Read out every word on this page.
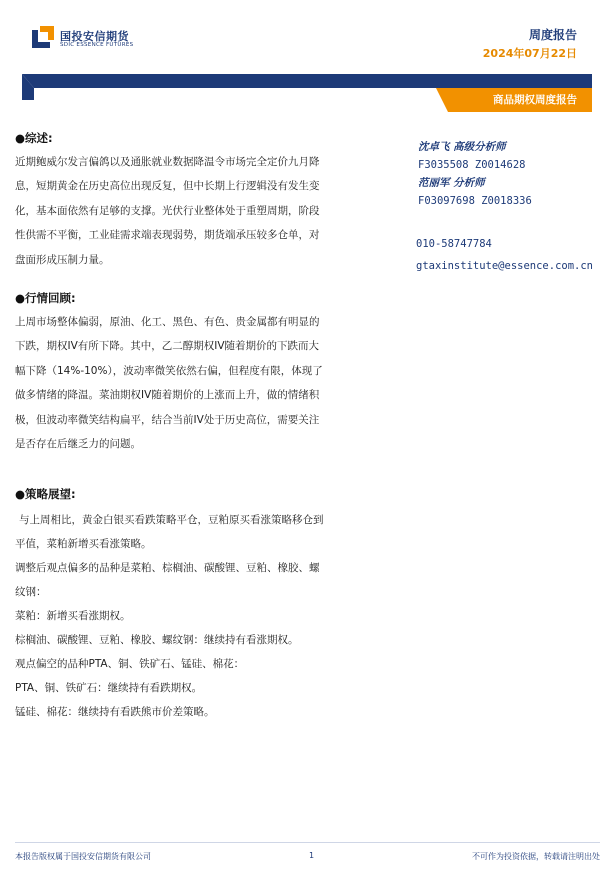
国投安信期货
SDIC ESSENCE FUTURES
周度报告
2024年07月22日
商品期权周度报告
●综述:
近期鲍威尔发言偏鸽以及通胀就业数据降温令市场完全定价九月降
息，短期黄金在历史高位出现反复，但中长期上行逻辑没有发生变
化，基本面依然有足够的支撑。光伏行业整体处于重塑周期，阶段
性供需不平衡，工业硅需求端表现弱势，期货端承压较多仓单，对
盘面形成压制力量。
●行情回顾:
上周市场整体偏弱，原油、化工、黑色、有色、贵金属都有明显的
下跌，期权IV有所下降。其中，乙二醇期权IV随着期价的下跌而大
幅下降（14%-10%），波动率微笑依然右偏，但程度有限，体现了
做多情绪的降温。菜油期权IV随着期价的上涨而上升，做的情绪积
极，但波动率微笑结构扁平，结合当前IV处于历史高位，需要关注
是否存在后继乏力的问题。
●策略展望:
与上周相比，黄金白银买看跌策略平仓，豆粕原买看涨策略移仓到
平值，菜粕新增买看涨策略。
调整后观点偏多的品种是菜粕、棕榈油、碳酸锂、豆粕、橡胶、螺
纹钢：
菜粕：新增买看涨期权。
棕榈油、碳酸锂、豆粕、橡胶、螺纹钢：继续持有看涨期权。
观点偏空的品种PTA、铜、铁矿石、锰硅、棉花：
PTA、铜、铁矿石：继续持有看跌期权。
锰硅、棉花：继续持有看跌熊市价差策略。
沈卓飞 高级分析师
F3035508 Z0014628
范丽军 分析师
F03097698 Z0018336
010-58747784
gtaxinstitute@essence.com.cn
本报告版权属于国投安信期货有限公司	1	不可作为投资依据，转载请注明出处
